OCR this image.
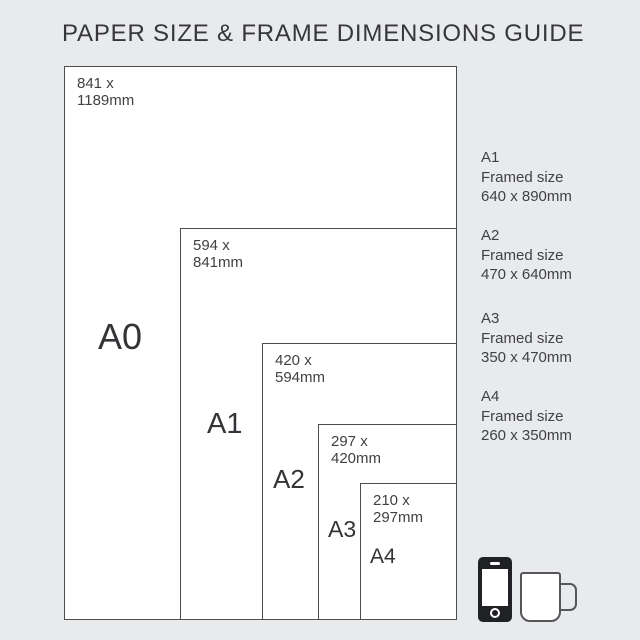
PAPER SIZE & FRAME DIMENSIONS GUIDE
841 x
1189mm
A0
594 x
841mm
A1
420 x
594mm
A2
297 x
420mm
A3
210 x
297mm
A4
A1
Framed size
640 x 890mm
A2
Framed size
470 x 640mm
A3
Framed size
350 x 470mm
A4
Framed size
260 x 350mm
